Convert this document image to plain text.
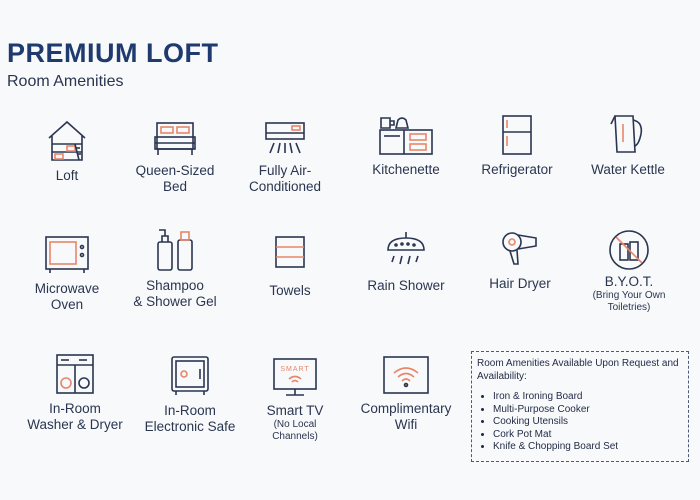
PREMIUM LOFT
Room Amenities
Loft	Queen-Sized
Bed
Fully Air-
Conditioned
Kitchenette	Refrigerator	Water Kettle
Microwave
Oven
Shampoo
& Shower Gel
Towels	Rain Shower	Hair Dryer	B.Y.O.T.
(Bring Your Own
Toiletries)
In-Room
Washer & Dryer
In-Room
Electronic Safe
SMART
Smart TV
(No Local
Channels)
Complimentary
Wifi
Room Amenities Available Upon Request and Availability:
• Iron & Ironing Board
• Multi-Purpose Cooker
• Cooking Utensils
• Cork Pot Mat
• Knife & Chopping Board Set
